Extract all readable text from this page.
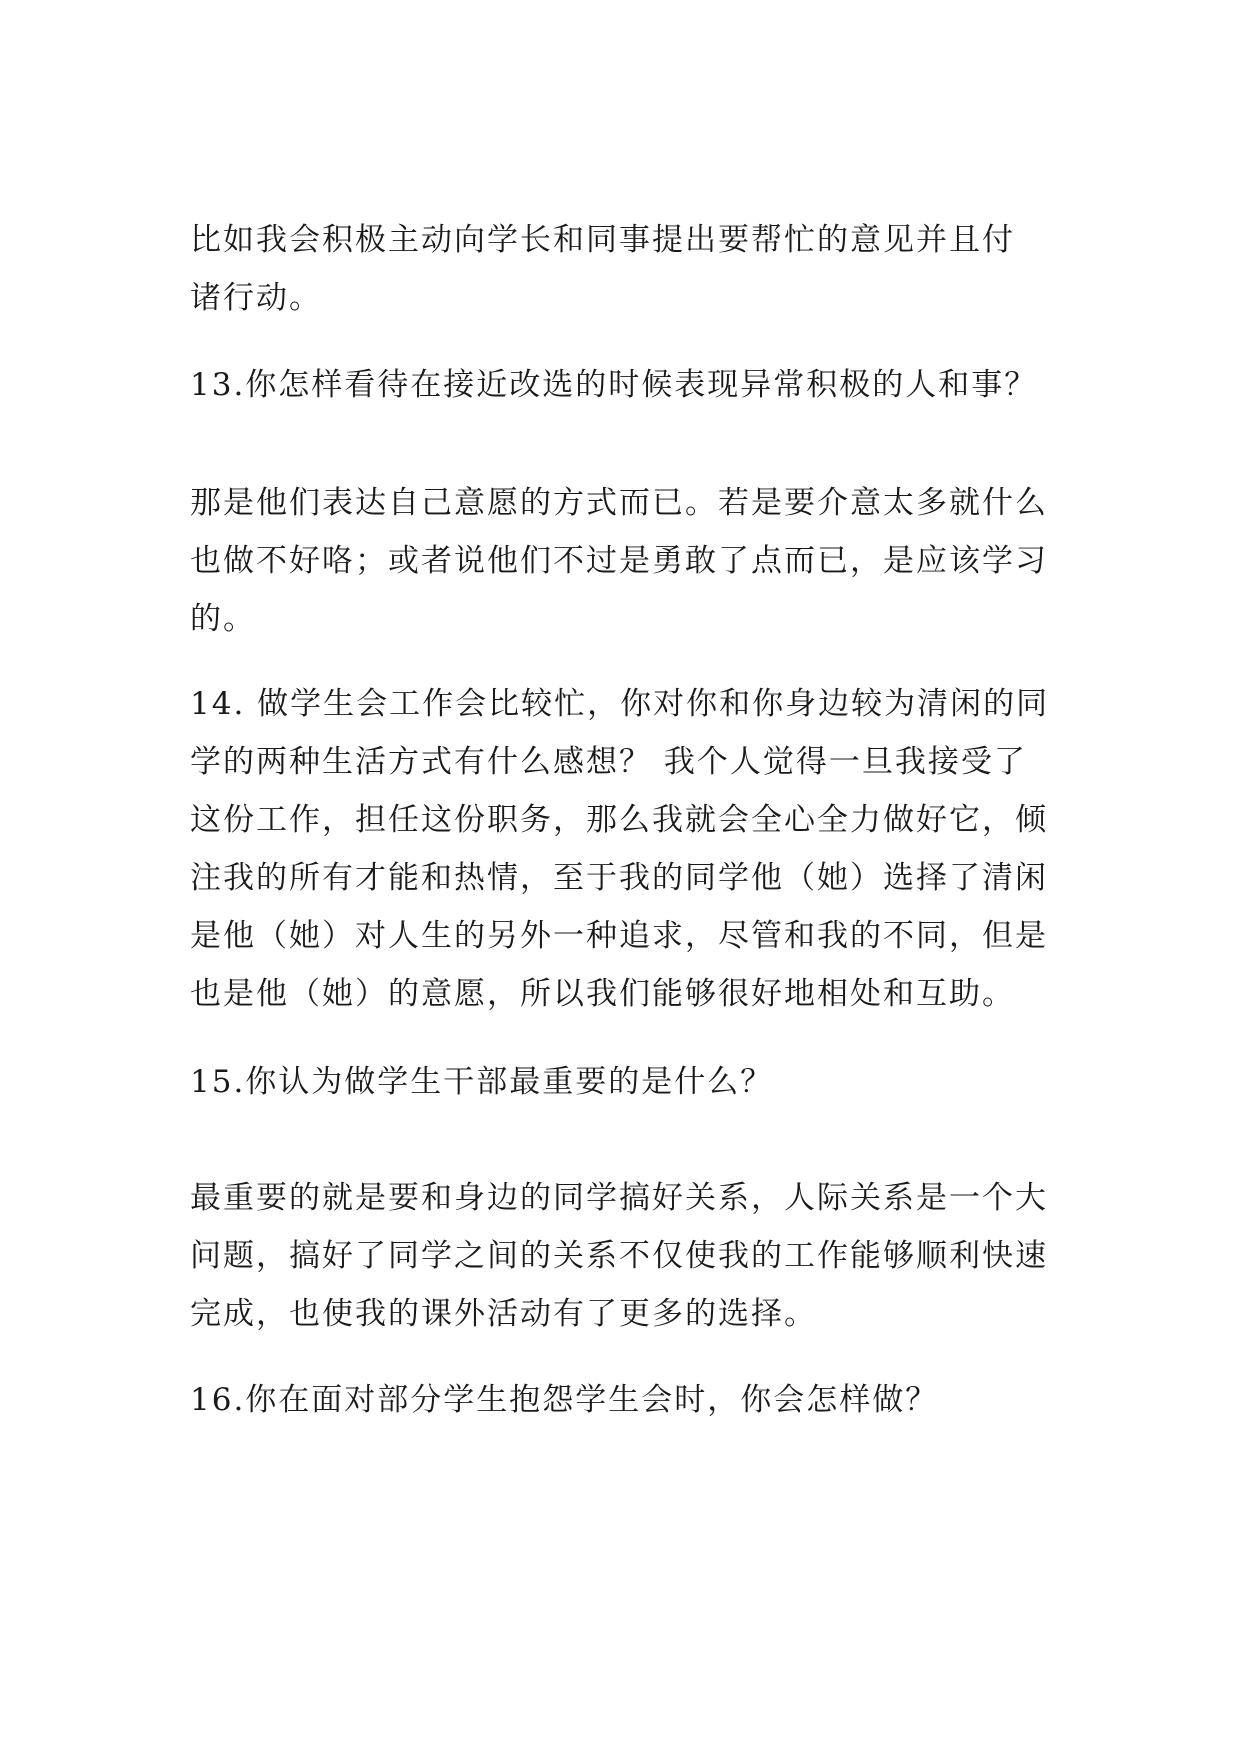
比如我会积极主动向学长和同事提出要帮忙的意见并且付
诸行动。
13.你怎样看待在接近改选的时候表现异常积极的人和事？
那是他们表达自己意愿的方式而已。若是要介意太多就什么
也做不好咯；或者说他们不过是勇敢了点而已，是应该学习
的。
14. 做学生会工作会比较忙，你对你和你身边较为清闲的同
学的两种生活方式有什么感想？ 我个人觉得一旦我接受了
这份工作，担任这份职务，那么我就会全心全力做好它，倾
注我的所有才能和热情，至于我的同学他（她）选择了清闲
是他（她）对人生的另外一种追求，尽管和我的不同，但是
也是他（她）的意愿，所以我们能够很好地相处和互助。
15.你认为做学生干部最重要的是什么？
最重要的就是要和身边的同学搞好关系，人际关系是一个大
问题，搞好了同学之间的关系不仅使我的工作能够顺利快速
完成，也使我的课外活动有了更多的选择。
16.你在面对部分学生抱怨学生会时，你会怎样做？
